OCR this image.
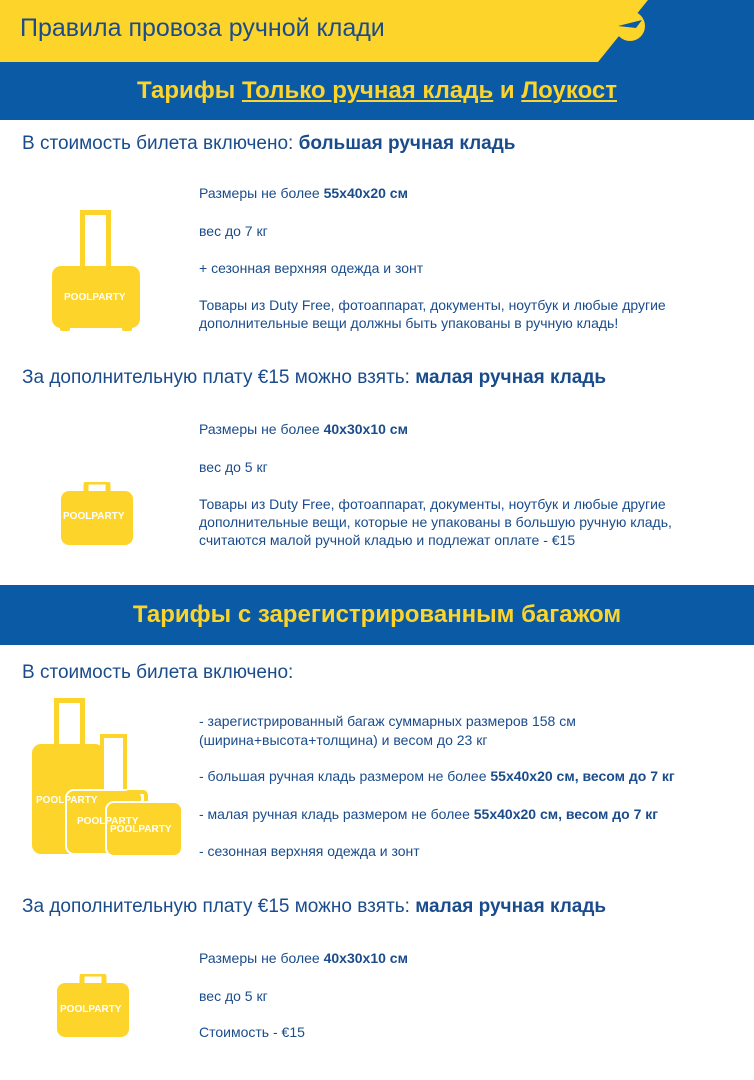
Правила провоза ручной клади	МАУ
Тарифы Только ручная кладь и Лоукост
В стоимость билета включено: большая ручная кладь
POOLPARTY
Размеры не более 55х40х20 см
вес до 7 кг
+ сезонная верхняя одежда и зонт
Товары из Duty Free, фотоаппарат, документы, ноутбук и любые другие
дополнительные вещи должны быть упакованы в ручную кладь!
За дополнительную плату €15 можно взять: малая ручная кладь
POOLPARTY
Размеры не более 40х30х10 см
вес до 5 кг
Товары из Duty Free, фотоаппарат, документы, ноутбук и любые другие
дополнительные вещи, которые не упакованы в большую ручную кладь,
считаются малой ручной кладью и подлежат оплате - €15
Тарифы с зарегистрированным багажом
В стоимость билета включено:
POOLPARTY
POOLPARTY
POOLPARTY
- зарегистрированный багаж суммарных размеров 158 см
(ширина+высота+толщина) и весом до 23 кг
- большая ручная кладь размером не более 55х40х20 см, весом до 7 кг
- малая ручная кладь размером не более 55х40х20 см, весом до 7 кг
- сезонная верхняя одежда и зонт
За дополнительную плату €15 можно взять: малая ручная кладь
POOLPARTY
Размеры не более 40х30х10 см
вес до 5 кг
Стоимость - €15
